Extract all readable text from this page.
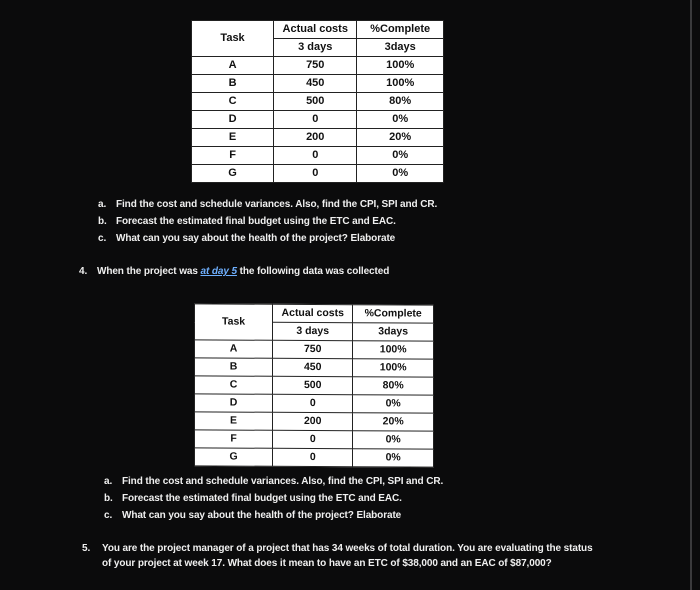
Task	Actual costs	%Complete
	3 days	3days
A	750	100%
B	450	100%
C	500	80%
D	0	0%
E	200	20%
F	0	0%
G	0	0%
a. Find the cost and schedule variances. Also, find the CPI, SPI and CR.
b. Forecast the estimated final budget using the ETC and EAC.
c. What can you say about the health of the project? Elaborate
4. When the project was at day 5 the following data was collected
Task	Actual costs	%Complete
	3 days	3days
A	750	100%
B	450	100%
C	500	80%
D	0	0%
E	200	20%
F	0	0%
G	0	0%
a. Find the cost and schedule variances. Also, find the CPI, SPI and CR.
b. Forecast the estimated final budget using the ETC and EAC.
c. What can you say about the health of the project? Elaborate
5. You are the project manager of a project that has 34 weeks of total duration. You are evaluating the status of your project at week 17. What does it mean to have an ETC of $38,000 and an EAC of $87,000?
